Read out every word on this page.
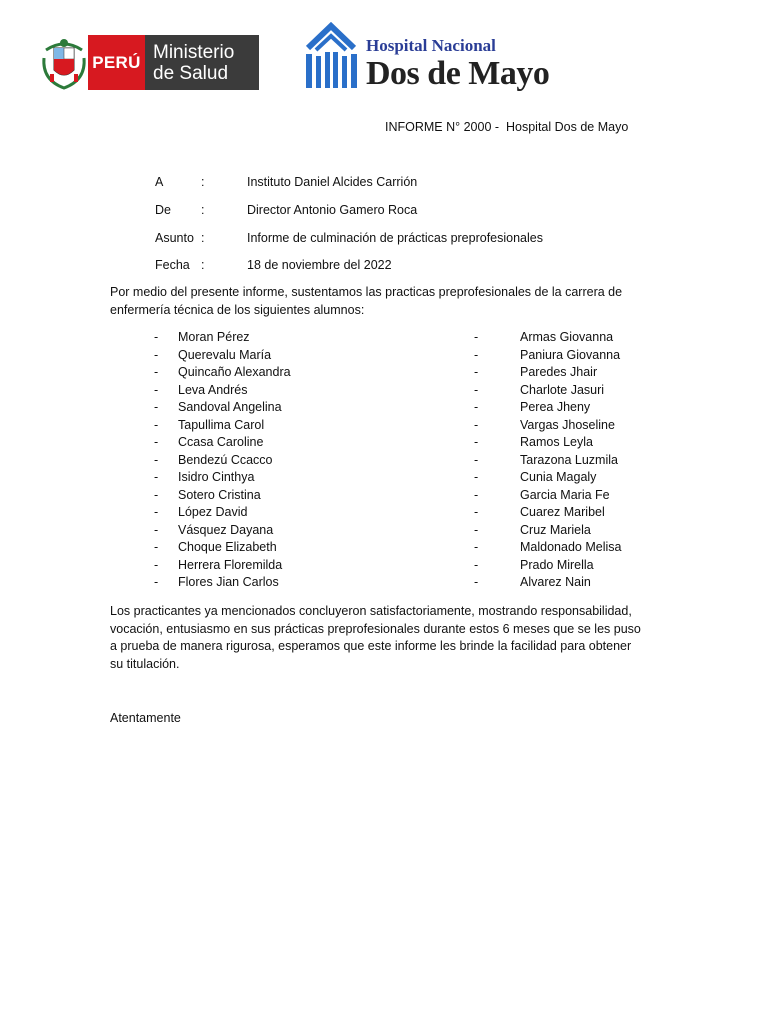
PERÚ Ministerio
de Salud
Hospital Nacional
Dos de Mayo
INFORME N° 2000 -  Hospital Dos de Mayo
A	:	Instituto Daniel Alcides Carrión
De :	Director Antonio Gamero Roca
Asunto :	Informe de culminación de prácticas preprofesionales
Fecha :	18 de noviembre del 2022
Por medio del presente informe, sustentamos las practicas preprofesionales de la carrera de
enfermería técnica de los siguientes alumnos:
- Moran Pérez
- Querevalu María
- Quincaño Alexandra
- Leva Andrés
- Sandoval Angelina
- Tapullima Carol
- Ccasa Caroline
- Bendezú Ccacco
- Isidro Cinthya
- Sotero Cristina
- López David
- Vásquez Dayana
- Choque Elizabeth
- Herrera Floremilda
- Flores Jian Carlos
-	Armas Giovanna
-	Paniura Giovanna
-	Paredes Jhair
-	Charlote Jasuri
-	Perea Jheny
-	Vargas Jhoseline
-	Ramos Leyla
-	Tarazona Luzmila
-	Cunia Magaly
-	Garcia Maria Fe
-	Cuarez Maribel
-	Cruz Mariela
-	Maldonado Melisa
-	Prado Mirella
-	Alvarez Nain
Los practicantes ya mencionados concluyeron satisfactoriamente, mostrando responsabilidad,
vocación, entusiasmo en sus prácticas preprofesionales durante estos 6 meses que se les puso
a prueba de manera rigurosa, esperamos que este informe les brinde la facilidad para obtener
su titulación.
Atentamente
